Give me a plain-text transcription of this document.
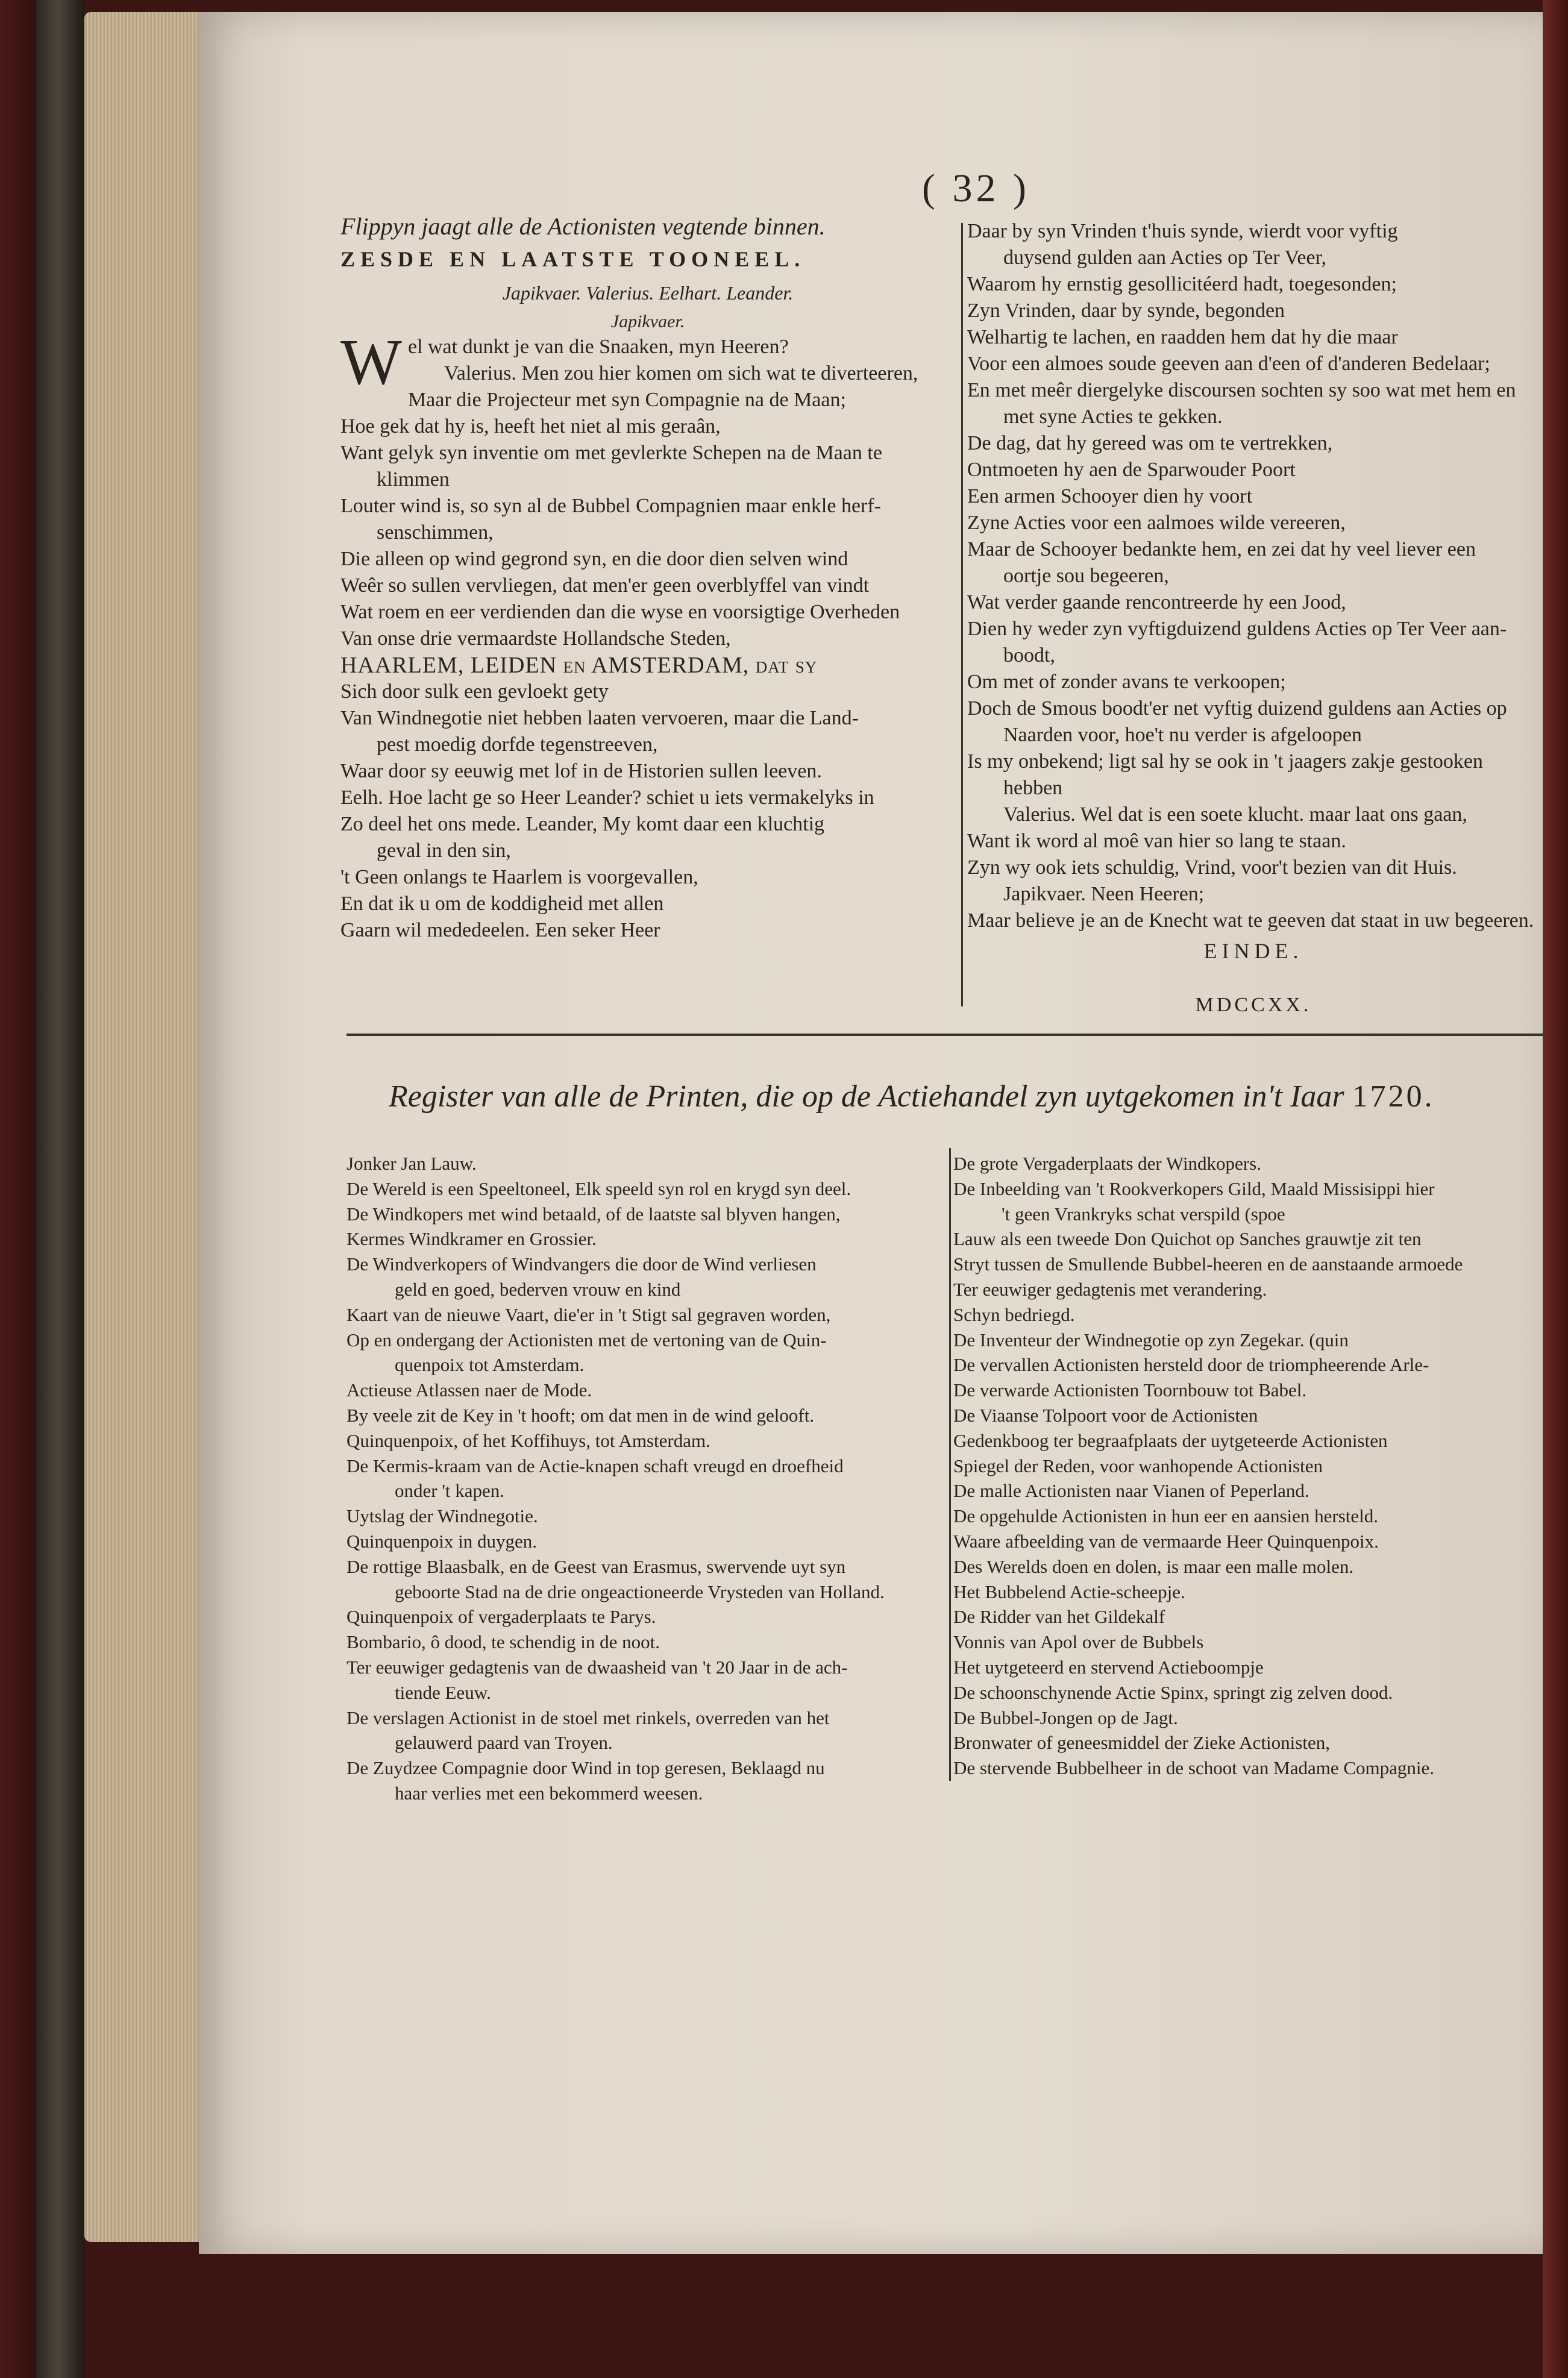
( 32 )
Flippyn jaagt alle de Actionisten vegtende binnen.
ZESDE EN LAATSTE TOONEEL.
Japikvaer. Valerius. Eelhart. Leander.
Japikvaer.
W el wat dunkt je van die Snaaken, myn Heeren?
Valerius. Men zou hier komen om sich wat te diverteeren,
Maar die Projecteur met syn Compagnie na de Maan;
Hoe gek dat hy is, heeft het niet al mis geraân,
Want gelyk syn inventie om met gevlerkte Schepen na de Maan te
klimmen
Louter wind is, so syn al de Bubbel Compagnien maar enkle herf-
senschimmen,
Die alleen op wind gegrond syn, en die door dien selven wind
Weêr so sullen vervliegen, dat men'er geen overblyffel van vindt
Wat roem en eer verdienden dan die wyse en voorsigtige Overheden
Van onse drie vermaardste Hollandsche Steden,
HAARLEM, LEIDEN en AMSTERDAM, dat sy
Sich door sulk een gevloekt gety
Van Windnegotie niet hebben laaten vervoeren, maar die Land-
pest moedig dorfde tegenstreeven,
Waar door sy eeuwig met lof in de Historien sullen leeven.
Eelh. Hoe lacht ge so Heer Leander? schiet u iets vermakelyks in
Zo deel het ons mede. Leander, My komt daar een kluchtig
geval in den sin,
't Geen onlangs te Haarlem is voorgevallen,
En dat ik u om de koddigheid met allen
Gaarn wil mededeelen. Een seker Heer
Daar by syn Vrinden t'huis synde, wierdt voor vyftig
duysend gulden aan Acties op Ter Veer,
Waarom hy ernstig gesollicitéerd hadt, toegesonden;
Zyn Vrinden, daar by synde, begonden
Welhartig te lachen, en raadden hem dat hy die maar
Voor een almoes soude geeven aan d'een of d'anderen Bedelaar;
En met meêr diergelyke discoursen sochten sy soo wat met hem en
met syne Acties te gekken.
De dag, dat hy gereed was om te vertrekken,
Ontmoeten hy aen de Sparwouder Poort
Een armen Schooyer dien hy voort
Zyne Acties voor een aalmoes wilde vereeren,
Maar de Schooyer bedankte hem, en zei dat hy veel liever een
oortje sou begeeren,
Wat verder gaande rencontreerde hy een Jood,
Dien hy weder zyn vyftigduizend guldens Acties op Ter Veer aan-
boodt,
Om met of zonder avans te verkoopen;
Doch de Smous boodt'er net vyftig duizend guldens aan Acties op
Naarden voor, hoe't nu verder is afgeloopen
Is my onbekend; ligt sal hy se ook in 't jaagers zakje gestooken
hebben
Valerius. Wel dat is een soete klucht. maar laat ons gaan,
Want ik word al moê van hier so lang te staan.
Zyn wy ook iets schuldig, Vrind, voor't bezien van dit Huis.
Japikvaer. Neen Heeren;
Maar believe je an de Knecht wat te geeven dat staat in uw begeeren.
EINDE.
MDCCXX.
Register van alle de Printen, die op de Actiehandel zyn uytgekomen in't Iaar 1720.
Jonker Jan Lauw.
De Wereld is een Speeltoneel, Elk speeld syn rol en krygd syn deel.
De Windkopers met wind betaald, of de laatste sal blyven hangen,
Kermes Windkramer en Grossier.
De Windverkopers of Windvangers die door de Wind verliesen
geld en goed, bederven vrouw en kind
Kaart van de nieuwe Vaart, die'er in 't Stigt sal gegraven worden,
Op en ondergang der Actionisten met de vertoning van de Quin-
quenpoix tot Amsterdam.
Actieuse Atlassen naer de Mode.
By veele zit de Key in 't hooft; om dat men in de wind gelooft.
Quinquenpoix, of het Koffihuys, tot Amsterdam.
De Kermis-kraam van de Actie-knapen schaft vreugd en droefheid
onder 't kapen.
Uytslag der Windnegotie.
Quinquenpoix in duygen.
De rottige Blaasbalk, en de Geest van Erasmus, swervende uyt syn
geboorte Stad na de drie ongeactioneerde Vrysteden van Holland.
Quinquenpoix of vergaderplaats te Parys.
Bombario, ô dood, te schendig in de noot.
Ter eeuwiger gedagtenis van de dwaasheid van 't 20 Jaar in de ach-
tiende Eeuw.
De verslagen Actionist in de stoel met rinkels, overreden van het
gelauwerd paard van Troyen.
De Zuydzee Compagnie door Wind in top geresen, Beklaagd nu
haar verlies met een bekommerd weesen.
De grote Vergaderplaats der Windkopers.
De Inbeelding van 't Rookverkopers Gild, Maald Missisippi hier
't geen Vrankryks schat verspild (spoe
Lauw als een tweede Don Quichot op Sanches grauwtje zit ten
Stryt tussen de Smullende Bubbel-heeren en de aanstaande armoede
Ter eeuwiger gedagtenis met verandering.
Schyn bedriegd.
De Inventeur der Windnegotie op zyn Zegekar. (quin
De vervallen Actionisten hersteld door de triompheerende Arle-
De verwarde Actionisten Toornbouw tot Babel.
De Viaanse Tolpoort voor de Actionisten
Gedenkboog ter begraafplaats der uytgeteerde Actionisten
Spiegel der Reden, voor wanhopende Actionisten
De malle Actionisten naar Vianen of Peperland.
De opgehulde Actionisten in hun eer en aansien hersteld.
Waare afbeelding van de vermaarde Heer Quinquenpoix.
Des Werelds doen en dolen, is maar een malle molen.
Het Bubbelend Actie-scheepje.
De Ridder van het Gildekalf
Vonnis van Apol over de Bubbels
Het uytgeteerd en stervend Actieboompje
De schoonschynende Actie Spinx, springt zig zelven dood.
De Bubbel-Jongen op de Jagt.
Bronwater of geneesmiddel der Zieke Actionisten,
De stervende Bubbelheer in de schoot van Madame Compagnie.
